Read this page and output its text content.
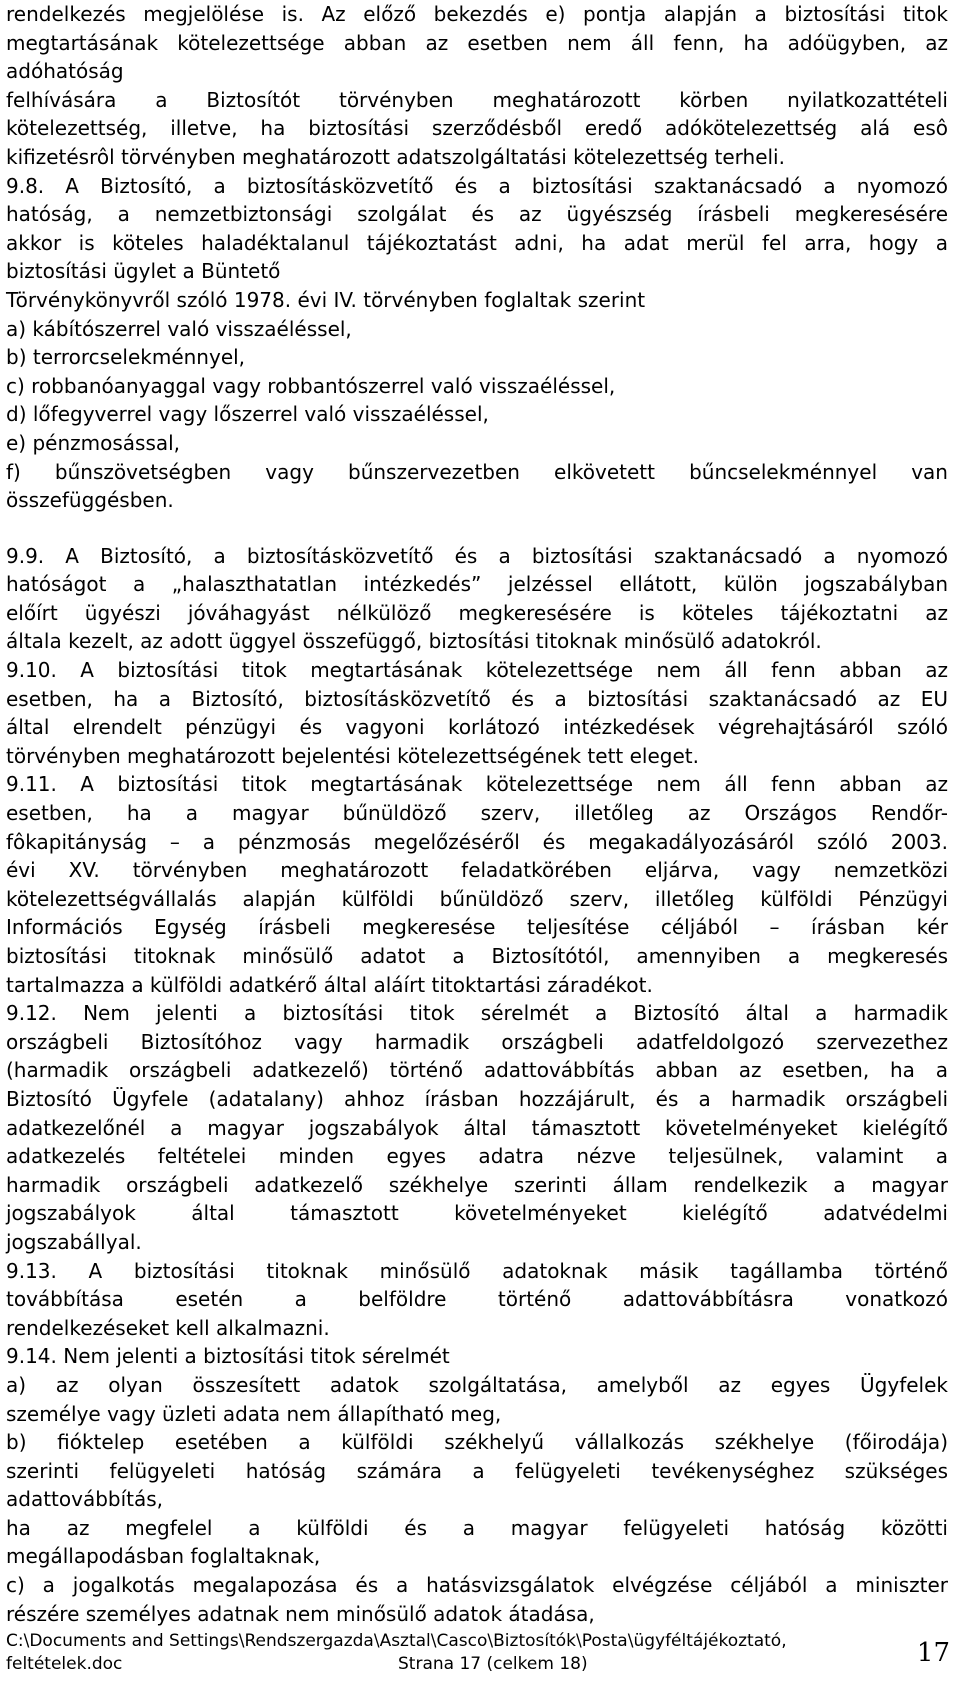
rendelkezés megjelölése is. Az előző bekezdés e) pontja alapján a biztosítási titok
megtartásának kötelezettsége abban az esetben nem áll fenn, ha adóügyben, az
adóhatóság
felhívására a Biztosítót törvényben meghatározott körben nyilatkozattételi
kötelezettség, illetve, ha biztosítási szerződésből eredő adókötelezettség alá esô
kifizetésrôl törvényben meghatározott adatszolgáltatási kötelezettség terheli.
9.8. A Biztosító, a biztosításközvetítő és a biztosítási szaktanácsadó a nyomozó
hatóság, a nemzetbiztonsági szolgálat és az ügyészség írásbeli megkeresésére
akkor is köteles haladéktalanul tájékoztatást adni, ha adat merül fel arra, hogy a
biztosítási ügylet a Büntető
Törvénykönyvről szóló 1978. évi IV. törvényben foglaltak szerint
a) kábítószerrel való visszaéléssel,
b) terrorcselekménnyel,
c) robbanóanyaggal vagy robbantószerrel való visszaéléssel,
d) lőfegyverrel vagy lőszerrel való visszaéléssel,
e) pénzmosással,
f) bűnszövetségben vagy bűnszervezetben elkövetett bűncselekménnyel van
összefüggésben.
9.9. A Biztosító, a biztosításközvetítő és a biztosítási szaktanácsadó a nyomozó
hatóságot a „halaszthatatlan intézkedés” jelzéssel ellátott, külön jogszabályban
előírt ügyészi jóváhagyást nélkülöző megkeresésére is köteles tájékoztatni az
általa kezelt, az adott üggyel összefüggő, biztosítási titoknak minősülő adatokról.
9.10. A biztosítási titok megtartásának kötelezettsége nem áll fenn abban az
esetben, ha a Biztosító, biztosításközvetítő és a biztosítási szaktanácsadó az EU
által elrendelt pénzügyi és vagyoni korlátozó intézkedések végrehajtásáról szóló
törvényben meghatározott bejelentési kötelezettségének tett eleget.
9.11. A biztosítási titok megtartásának kötelezettsége nem áll fenn abban az
esetben, ha a magyar bűnüldöző szerv, illetőleg az Országos Rendőr-
fôkapitányság – a pénzmosás megelőzéséről és megakadályozásáról szóló 2003.
évi XV. törvényben meghatározott feladatkörében eljárva, vagy nemzetközi
kötelezettségvállalás alapján külföldi bűnüldöző szerv, illetőleg külföldi Pénzügyi
Információs Egység írásbeli megkeresése teljesítése céljából – írásban kér
biztosítási titoknak minősülő adatot a Biztosítótól, amennyiben a megkeresés
tartalmazza a külföldi adatkérő által aláírt titoktartási záradékot.
9.12. Nem jelenti a biztosítási titok sérelmét a Biztosító által a harmadik
országbeli Biztosítóhoz vagy harmadik országbeli adatfeldolgozó szervezethez
(harmadik országbeli adatkezelő) történő adattovábbítás abban az esetben, ha a
Biztosító Ügyfele (adatalany) ahhoz írásban hozzájárult, és a harmadik országbeli
adatkezelőnél a magyar jogszabályok által támasztott követelményeket kielégítő
adatkezelés feltételei minden egyes adatra nézve teljesülnek, valamint a
harmadik országbeli adatkezelő székhelye szerinti állam rendelkezik a magyar
jogszabályok által támasztott követelményeket kielégítő adatvédelmi
jogszabállyal.
9.13. A biztosítási titoknak minősülő adatoknak másik tagállamba történő
továbbítása esetén a belföldre történő adattovábbításra vonatkozó
rendelkezéseket kell alkalmazni.
9.14. Nem jelenti a biztosítási titok sérelmét
a) az olyan összesített adatok szolgáltatása, amelyből az egyes Ügyfelek
személye vagy üzleti adata nem állapítható meg,
b) fióktelep esetében a külföldi székhelyű vállalkozás székhelye (főirodája)
szerinti felügyeleti hatóság számára a felügyeleti tevékenységhez szükséges
adattovábbítás,
ha az megfelel a külföldi és a magyar felügyeleti hatóság közötti
megállapodásban foglaltaknak,
c) a jogalkotás megalapozása és a hatásvizsgálatok elvégzése céljából a miniszter
részére személyes adatnak nem minősülő adatok átadása,
C:\Documents and Settings\Rendszergazda\Asztal\Casco\Biztosítók\Posta\ügyféltájékoztató,
feltételek.doc	Strana 17 (celkem 18)	17
